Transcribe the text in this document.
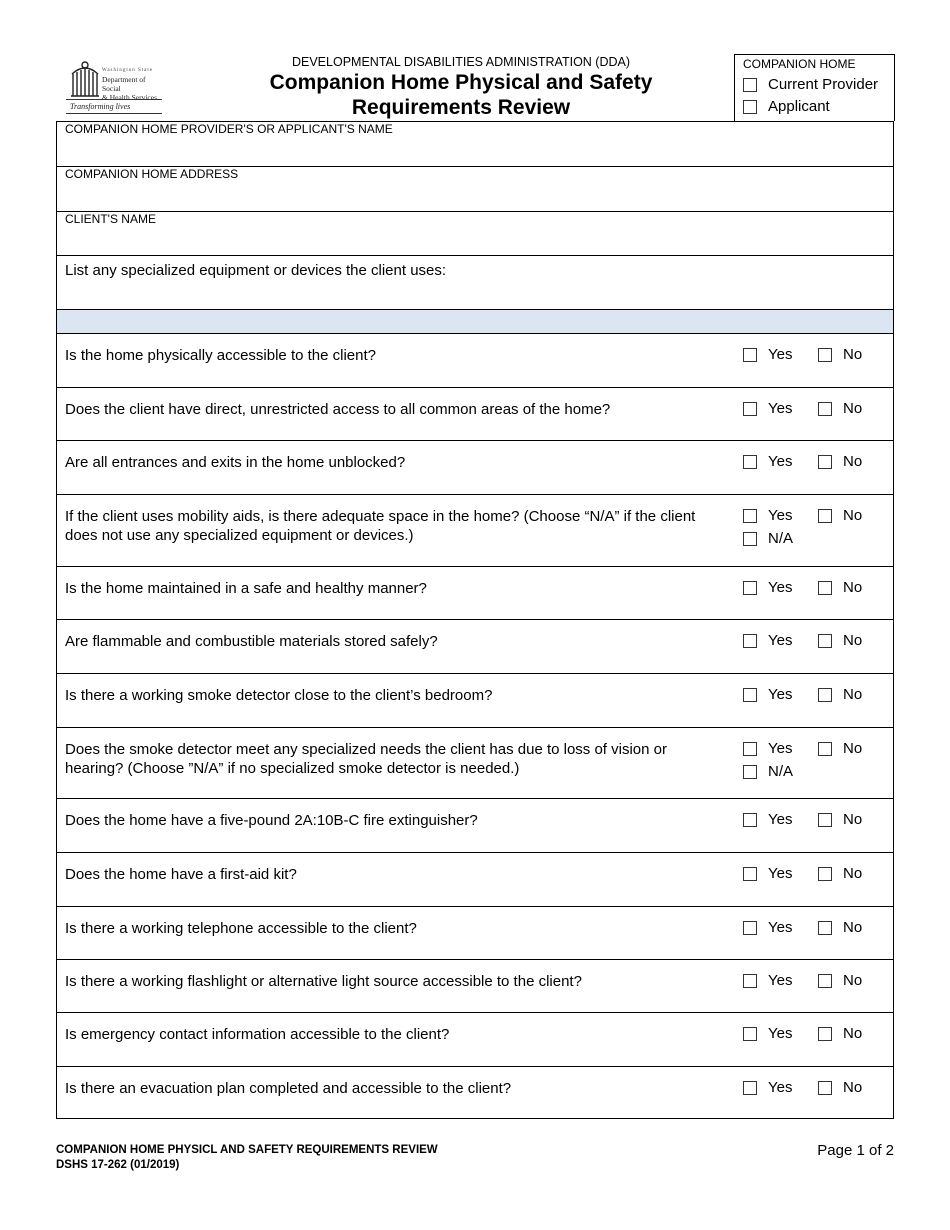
Washington State
Department of Social
& Health Services
Transforming lives
DEVELOPMENTAL DISABILITIES ADMINISTRATION (DDA)
Companion Home Physical and Safety
Requirements Review
COMPANION HOME
Current Provider
Applicant
COMPANION HOME PROVIDER'S OR APPLICANT'S NAME
COMPANION HOME ADDRESS
CLIENT'S NAME
List any specialized equipment or devices the client uses:
Is the home physically accessible to the client?	Yes	No
Does the client have direct, unrestricted access to all common areas of the home?	Yes	No
Are all entrances and exits in the home unblocked?	Yes	No
If the client uses mobility aids, is there adequate space in the home? (Choose “N/A” if the client does not use any specialized equipment or devices.)
Yes	No
N/A
Is the home maintained in a safe and healthy manner?	Yes	No
Are flammable and combustible materials stored safely?	Yes	No
Is there a working smoke detector close to the client’s bedroom?	Yes	No
Does the smoke detector meet any specialized needs the client has due to loss of vision or hearing? (Choose ”N/A” if no specialized smoke detector is needed.)
Yes	No
N/A
Does the home have a five-pound 2A:10B-C fire extinguisher?	Yes	No
Does the home have a first-aid kit?	Yes	No
Is there a working telephone accessible to the client?	Yes	No
Is there a working flashlight or alternative light source accessible to the client?	Yes	No
Is emergency contact information accessible to the client?	Yes	No
Is there an evacuation plan completed and accessible to the client?	Yes	No
COMPANION HOME PHYSICL AND SAFETY REQUIREMENTS REVIEW
DSHS 17-262 (01/2019)
Page 1 of 2
